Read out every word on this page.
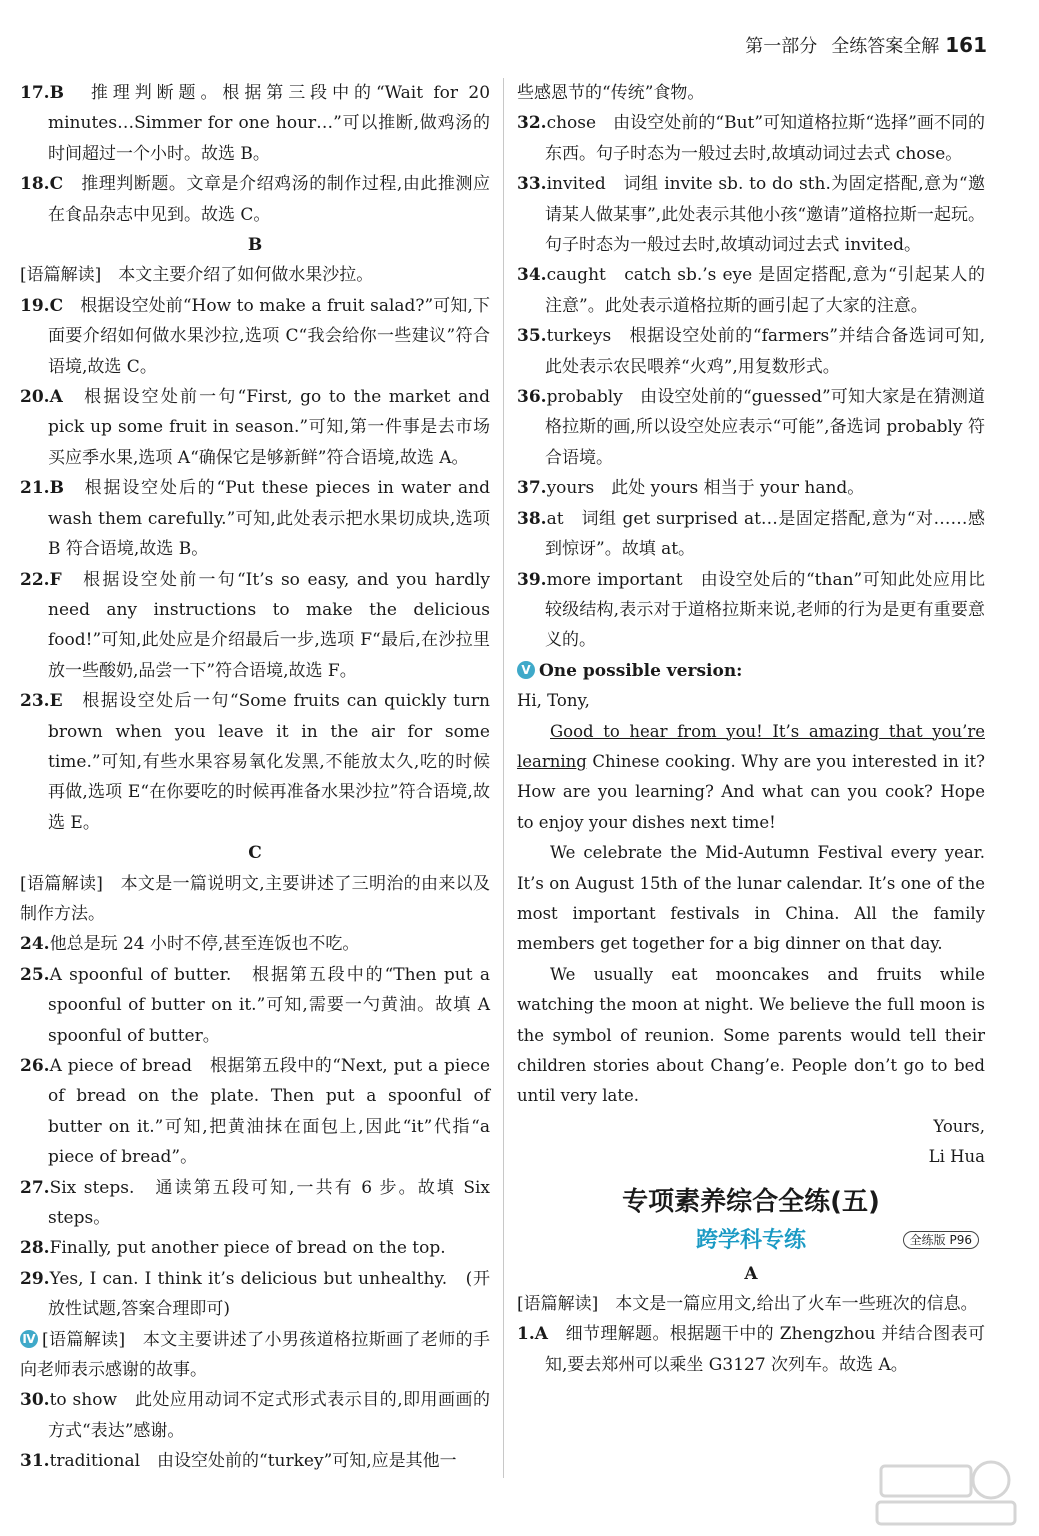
第一部分 全练答案全解 161
17.B　 推理判断题。根据第三段中的“Wait for 20 minutes…Simmer for one hour…”可以推断,做鸡汤的时间超过一个小时。故选 B。
18.C　 推理判断题。文章是介绍鸡汤的制作过程,由此推测应在食品杂志中见到。故选 C。
B
[语篇解读]　本文主要介绍了如何做水果沙拉。
19.C　 根据设空处前“How to make a fruit salad?”可知,下面要介绍如何做水果沙拉,选项 C“我会给你一些建议”符合语境,故选 C。
20.A　 根据设空处前一句“First, go to the market and pick up some fruit in season.”可知,第一件事是去市场买应季水果,选项 A“确保它是够新鲜”符合语境,故选 A。
21.B　 根据设空处后的“Put these pieces in water and wash them carefully.”可知,此处表示把水果切成块,选项 B 符合语境,故选 B。
22.F　 根据设空处前一句“It’s so easy, and you hardly need any instructions to make the delicious food!”可知,此处应是介绍最后一步,选项 F“最后,在沙拉里放一些酸奶,品尝一下”符合语境,故选 F。
23.E　 根据设空处后一句“Some fruits can quickly turn brown when you leave it in the air for some time.”可知,有些水果容易氧化发黑,不能放太久,吃的时候再做,选项 E“在你要吃的时候再准备水果沙拉”符合语境,故选 E。
C
[语篇解读]　本文是一篇说明文,主要讲述了三明治的由来以及制作方法。
24.他总是玩 24 小时不停,甚至连饭也不吃。
25.A spoonful of butter.　 根据第五段中的“Then put a spoonful of butter on it.”可知,需要一勺黄油。故填 A spoonful of butter。
26.A piece of bread　 根据第五段中的“Next, put a piece of bread on the plate. Then put a spoonful of butter on it.”可知,把黄油抹在面包上,因此“it”代指“a piece of bread”。
27.Six steps.　 通读第五段可知,一共有 6 步。故填 Six steps。
28.Finally, put another piece of bread on the top.
29.Yes, I can. I think it’s delicious but unhealthy.　 (开放性试题,答案合理即可)
Ⅳ [语篇解读]　本文主要讲述了小男孩道格拉斯画了老师的手向老师表示感谢的故事。
30.to show　 此处应用动词不定式形式表示目的,即用画画的方式“表达”感谢。
31.traditional　 由设空处前的“turkey”可知,应是其他一
些感恩节的“传统”食物。
32.chose　 由设空处前的“But”可知道格拉斯“选择”画不同的东西。句子时态为一般过去时,故填动词过去式 chose。
33.invited　 词组 invite sb. to do sth.为固定搭配,意为“邀请某人做某事”,此处表示其他小孩“邀请”道格拉斯一起玩。句子时态为一般过去时,故填动词过去式 invited。
34.caught　 catch sb.’s eye 是固定搭配,意为“引起某人的注意”。此处表示道格拉斯的画引起了大家的注意。
35.turkeys　 根据设空处前的“farmers”并结合备选词可知,此处表示农民喂养“火鸡”,用复数形式。
36.probably　 由设空处前的“guessed”可知大家是在猜测道格拉斯的画,所以设空处应表示“可能”,备选词 probably 符合语境。
37.yours　 此处 yours 相当于 your hand。
38.at　 词组 get surprised at…是固定搭配,意为“对……感到惊讶”。故填 at。
39.more important　 由设空处后的“than”可知此处应用比较级结构,表示对于道格拉斯来说,老师的行为是更有重要意义的。
Ⅴ One possible version:
Hi, Tony,
Good to hear from you! It’s amazing that you’re learning Chinese cooking. Why are you interested in it? How are you learning? And what can you cook? Hope to enjoy your dishes next time!
We celebrate the Mid-Autumn Festival every year. It’s on August 15th of the lunar calendar. It’s one of the most important festivals in China. All the family members get together for a big dinner on that day.
We usually eat mooncakes and fruits while watching the moon at night. We believe the full moon is the symbol of reunion. Some parents would tell their children stories about Chang’e. People don’t go to bed until very late.
Yours,
Li Hua
专项素养综合全练(五)
跨学科专练	全练版 P96
A
[语篇解读]　本文是一篇应用文,给出了火车一些班次的信息。
1.A　 细节理解题。根据题干中的 Zhengzhou 并结合图表可知,要去郑州可以乘坐 G3127 次列车。故选 A。
